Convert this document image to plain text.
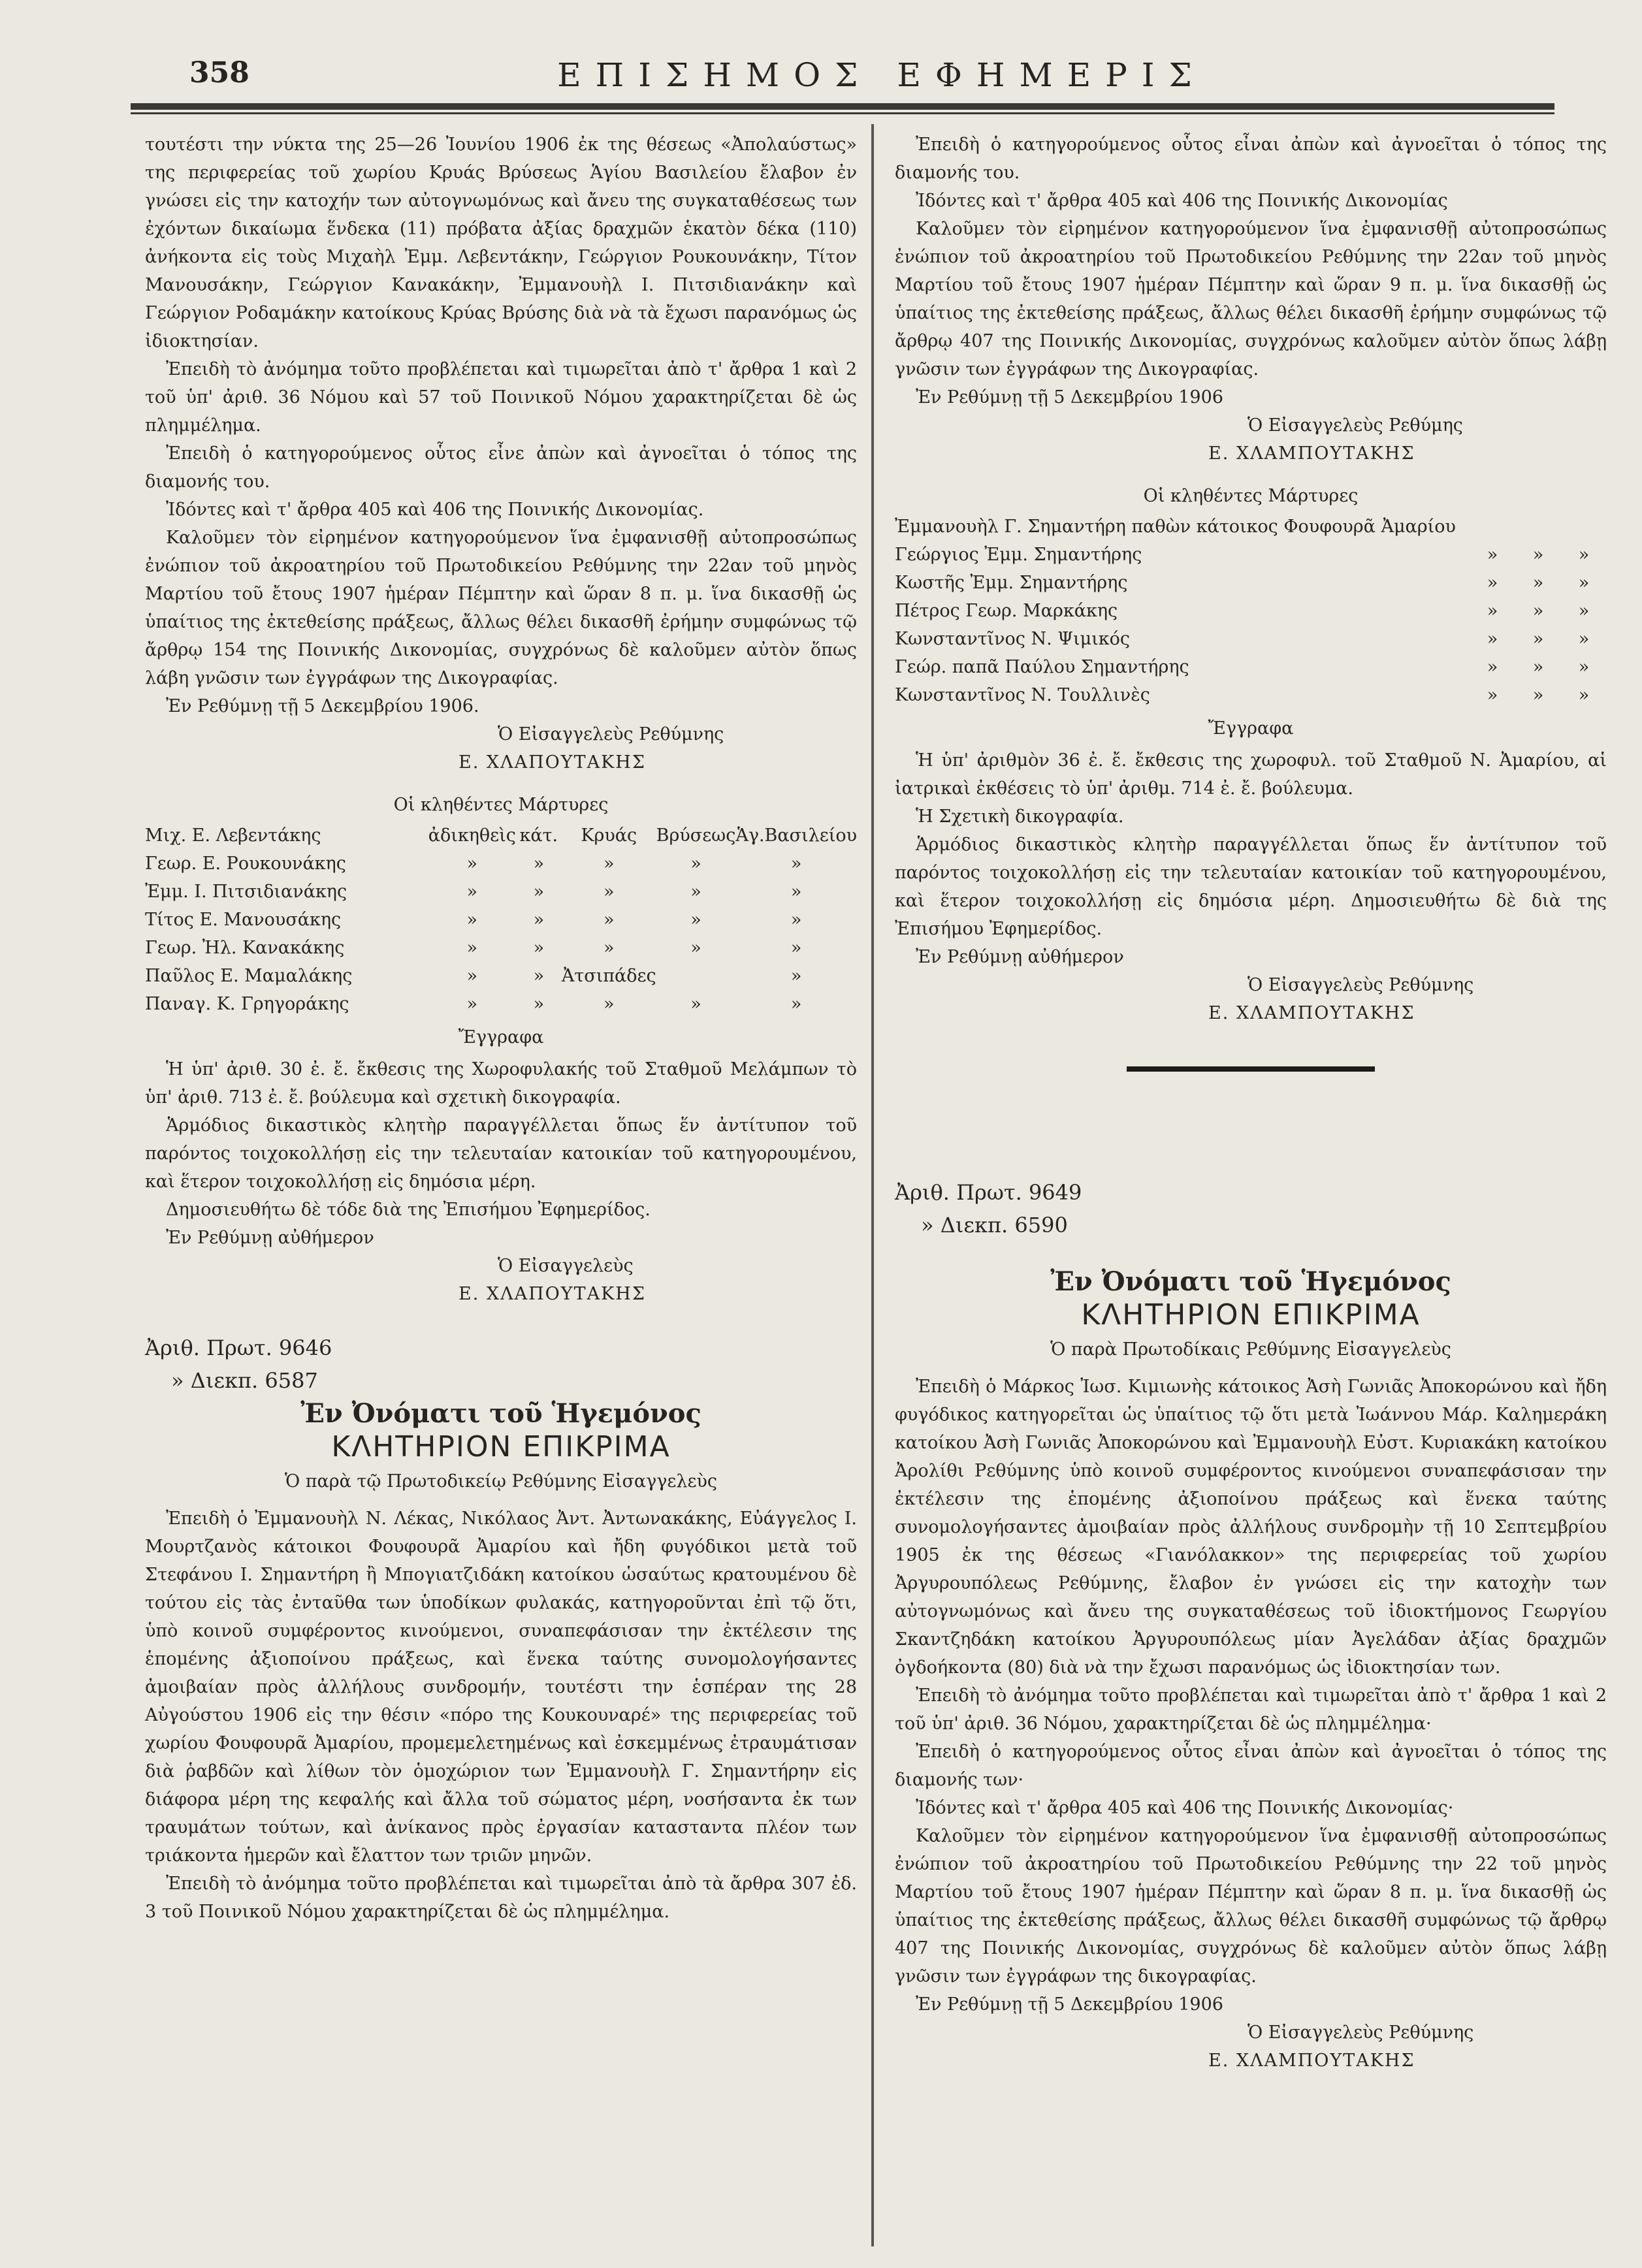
358	ΕΠΙΣΗΜΟΣ ΕΦΗΜΕΡΙΣ

τουτέστι την νύκτα της 25—26 Ἰουνίου 1906 ἐκ της θέσεως «Ἀπολαύστως» της περιφερείας τοῦ χωρίου Κρυάς Βρύσεως Ἁγίου Βασιλείου ἔλαβον ἐν γνώσει εἰς την κατοχήν των αὐτογνωμόνως καὶ ἄνευ της συγκαταθέσεως των ἐχόντων δικαίωμα ἕνδεκα (11) πρόβατα ἀξίας δραχμῶν ἑκατὸν δέκα (110) ἀνήκοντα εἰς τοὺς Μιχαὴλ Ἐμμ. Λεβεντάκην, Γεώργιον Ρουκουνάκην, Τίτον Μανουσάκην, Γεώργιον Κανακάκην, Ἐμμανουὴλ Ι. Πιτσιδιανάκην καὶ Γεώργιον Ροδαμάκην κατοίκους Κρύας Βρύσης διὰ νὰ τὰ ἔχωσι παρανόμως ὡς ἰδιοκτησίαν.

Ἐπειδὴ τὸ ἀνόμημα τοῦτο προβλέπεται καὶ τιμωρεῖται ἀπὸ τ' ἄρθρα 1 καὶ 2 τοῦ ὑπ' ἀριθ. 36 Νόμου καὶ 57 τοῦ Ποινικοῦ Νόμου χαρακτηρίζεται δὲ ὡς πλημμέλημα.

Ἐπειδὴ ὁ κατηγορούμενος οὗτος εἶνε ἀπὼν καὶ ἀγνοεῖται ὁ τόπος της διαμονής του.

Ἰδόντες καὶ τ' ἄρθρα 405 καὶ 406 της Ποινικής Δικονομίας.

Καλοῦμεν τὸν εἰρημένον κατηγορούμενον ἵνα ἐμφανισθῇ αὐτοπροσώπως ἐνώπιον τοῦ ἀκροατηρίου τοῦ Πρωτοδικείου Ρεθύμνης την 22αν τοῦ μηνὸς Μαρτίου τοῦ ἔτους 1907 ἡμέραν Πέμπτην καὶ ὥραν 8 π. μ. ἵνα δικασθῇ ὡς ὑπαίτιος της ἐκτεθείσης πράξεως, ἄλλως θέλει δικασθῆ ἐρήμην συμφώνως τῷ ἄρθρῳ 154 της Ποινικής Δικονομίας, συγχρόνως δὲ καλοῦμεν αὐτὸν ὅπως λάβη γνῶσιν των ἐγγράφων της Δικογραφίας.

Ἐν Ρεθύμνῃ τῇ 5 Δεκεμβρίου 1906.

Ὁ Εἰσαγγελεὺς Ρεθύμνης
Ε. ΧΛΑΠΟΥΤΑΚΗΣ
Οἱ κληθέντες Μάρτυρες
Μιχ. Ε. Λεβεντάκης	ἀδικηθεὶς	κάτ.	Κρυάς	Βρύσεως	Ἁγ.Βασιλείου
Γεωρ. Ε. Ρουκουνάκης	»	»	»	»	»
Ἐμμ. Ι. Πιτσιδιανάκης	»	»	»	»	»
Τίτος Ε. Μανουσάκης	»	»	»	»	»
Γεωρ. Ἠλ. Κανακάκης	»	»	»	»	»
Παῦλος Ε. Μαμαλάκης	»	»	Ἀτσιπάδες		»
Παναγ. Κ. Γρηγοράκης	»	»	»	»	»
Ἔγγραφα

Ἡ ὑπ' ἀριθ. 30 ἐ. ἔ. ἔκθεσις της Χωροφυλακής τοῦ Σταθμοῦ Μελάμπων τὸ ὑπ' ἀριθ. 713 ἐ. ἔ. βούλευμα καὶ σχετικὴ δικογραφία.

Ἁρμόδιος δικαστικὸς κλητὴρ παραγγέλλεται ὅπως ἕν ἀντίτυπον τοῦ παρόντος τοιχοκολλήσῃ εἰς την τελευταίαν κατοικίαν τοῦ κατηγορουμένου, καὶ ἕτερον τοιχοκολλήσῃ εἰς δημόσια μέρη.

Δημοσιευθήτω δὲ τόδε διὰ της Ἐπισήμου Ἐφημερίδος.

Ἐν Ρεθύμνῃ αὐθήμερον

Ὁ Εἰσαγγελεὺς
Ε. ΧΛΑΠΟΥΤΑΚΗΣ
Ἀριθ. Πρωτ. 9646
» Διεκπ. 6587
Ἐν Ὀνόματι τοῦ Ἡγεμόνος
ΚΛΗΤΗΡΙΟΝ ΕΠΙΚΡΙΜΑ
Ὁ παρὰ τῷ Πρωτοδικείῳ Ρεθύμνης Εἰσαγγελεὺς

Ἐπειδὴ ὁ Ἐμμανουὴλ Ν. Λέκας, Νικόλαος Ἀντ. Ἀντωνακάκης, Εὐάγγελος Ι. Μουρτζανὸς κάτοικοι Φουφουρᾶ Ἀμαρίου καὶ ἤδη φυγόδικοι μετὰ τοῦ Στεφάνου Ι. Σημαντήρη ἢ Μπογιατζιδάκη κατοίκου ὡσαύτως κρατουμένου δὲ τούτου εἰς τὰς ἐνταῦθα των ὑποδίκων φυλακάς, κατηγοροῦνται ἐπὶ τῷ ὅτι, ὑπὸ κοινοῦ συμφέροντος κινούμενοι, συναπεφάσισαν την ἐκτέλεσιν της ἑπομένης ἀξιοποίνου πράξεως, καὶ ἕνεκα ταύτης συνομολογήσαντες ἀμοιβαίαν πρὸς ἀλλήλους συνδρομήν, τουτέστι την ἑσπέραν της 28 Αὐγούστου 1906 εἰς την θέσιν «πόρο της Κουκουναρέ» της περιφερείας τοῦ χωρίου Φουφουρᾶ Ἀμαρίου, προμεμελετημένως καὶ ἐσκεμμένως ἐτραυμάτισαν διὰ ῥαβδῶν καὶ λίθων τὸν ὁμοχώριον των Ἐμμανουὴλ Γ. Σημαντήρην εἰς διάφορα μέρη της κεφαλής καὶ ἄλλα τοῦ σώματος μέρη, νοσήσαντα ἐκ των τραυμάτων τούτων, καὶ ἀνίκανος πρὸς ἐργασίαν κατασταντα πλέον των τριάκοντα ἡμερῶν καὶ ἔλαττον των τριῶν μηνῶν.

Ἐπειδὴ τὸ ἀνόμημα τοῦτο προβλέπεται καὶ τιμωρεῖται ἀπὸ τὰ ἄρθρα 307 ἐδ. 3 τοῦ Ποινικοῦ Νόμου χαρακτηρίζεται δὲ ὡς πλημμέλημα.

Ἐπειδὴ ὁ κατηγορούμενος οὗτος εἶναι ἀπὼν καὶ ἀγνοεῖται ὁ τόπος της διαμονής του.

Ἰδόντες καὶ τ' ἄρθρα 405 καὶ 406 της Ποινικής Δικονομίας

Καλοῦμεν τὸν εἰρημένον κατηγορούμενον ἵνα ἐμφανισθῇ αὐτοπροσώπως ἐνώπιον τοῦ ἀκροατηρίου τοῦ Πρωτοδικείου Ρεθύμνης την 22αν τοῦ μηνὸς Μαρτίου τοῦ ἔτους 1907 ἡμέραν Πέμπτην καὶ ὥραν 9 π. μ. ἵνα δικασθῇ ὡς ὑπαίτιος της ἐκτεθείσης πράξεως, ἄλλως θέλει δικασθῆ ἐρήμην συμφώνως τῷ ἄρθρῳ 407 της Ποινικής Δικονομίας, συγχρόνως καλοῦμεν αὐτὸν ὅπως λάβῃ γνῶσιν των ἐγγράφων της Δικογραφίας.

Ἐν Ρεθύμνῃ τῇ 5 Δεκεμβρίου 1906

Ὁ Εἰσαγγελεὺς Ρεθύμης
Ε. ΧΛΑΜΠΟΥΤΑΚΗΣ
Οἱ κληθέντες Μάρτυρες
Ἐμμανουὴλ Γ. Σημαντήρη παθὼν κάτοικος Φουφουρᾶ Ἀμαρίου			
Γεώργιος Ἐμμ. Σημαντήρης	»	»	»
Κωστῆς Ἐμμ. Σημαντήρης	»	»	»
Πέτρος Γεωρ. Μαρκάκης	»	»	»
Κωνσταντῖνος Ν. Ψιμικός	»	»	»
Γεώρ. παπᾶ Παύλου Σημαντήρης	»	»	»
Κωνσταντῖνος Ν. Τουλλινὲς	»	»	»
Ἔγγραφα

Ἡ ὑπ' ἀριθμὸν 36 ἐ. ἔ. ἔκθεσις της χωροφυλ. τοῦ Σταθμοῦ Ν. Ἀμαρίου, αἱ ἰατρικαὶ ἐκθέσεις τὸ ὑπ' ἀριθμ. 714 ἐ. ἔ. βούλευμα.

Ἡ Σχετικὴ δικογραφία.

Ἁρμόδιος δικαστικὸς κλητὴρ παραγγέλλεται ὅπως ἕν ἀντίτυπον τοῦ παρόντος τοιχοκολλήσῃ εἰς την τελευταίαν κατοικίαν τοῦ κατηγορουμένου, καὶ ἕτερον τοιχοκολλήσῃ εἰς δημόσια μέρη. Δημοσιευθήτω δὲ διὰ της Ἐπισήμου Ἐφημερίδος.

Ἐν Ρεθύμνῃ αὐθήμερον

Ὁ Εἰσαγγελεὺς Ρεθύμνης
Ε. ΧΛΑΜΠΟΥΤΑΚΗΣ
Ἀριθ. Πρωτ. 9649
» Διεκπ. 6590
Ἐν Ὀνόματι τοῦ Ἡγεμόνος
ΚΛΗΤΗΡΙΟΝ ΕΠΙΚΡΙΜΑ
Ὁ παρὰ Πρωτοδίκαις Ρεθύμνης Εἰσαγγελεὺς

Ἐπειδὴ ὁ Μάρκος Ἰωσ. Κιμιωνὴς κάτοικος Ἀσὴ Γωνιᾶς Ἀποκορώνου καὶ ἤδη φυγόδικος κατηγορεῖται ὡς ὑπαίτιος τῷ ὅτι μετὰ Ἰωάννου Μάρ. Καλημεράκη κατοίκου Ἀσὴ Γωνιᾶς Ἀποκορώνου καὶ Ἐμμανουὴλ Εὐστ. Κυριακάκη κατοίκου Ἀρολίθι Ρεθύμνης ὑπὸ κοινοῦ συμφέροντος κινούμενοι συναπεφάσισαν την ἐκτέλεσιν της ἑπομένης ἀξιοποίνου πράξεως καὶ ἕνεκα ταύτης συνομολογήσαντες ἀμοιβαίαν πρὸς ἀλλήλους συνδρομὴν τῇ 10 Σεπτεμβρίου 1905 ἐκ της θέσεως «Γιανόλακκον» της περιφερείας τοῦ χωρίου Ἀργυρουπόλεως Ρεθύμνης, ἔλαβον ἐν γνώσει εἰς την κατοχὴν των αὐτογνωμόνως καὶ ἄνευ της συγκαταθέσεως τοῦ ἰδιοκτήμονος Γεωργίου Σκαντζηδάκη κατοίκου Ἀργυρουπόλεως μίαν Ἀγελάδαν ἀξίας δραχμῶν ὀγδοήκοντα (80) διὰ νὰ την ἔχωσι παρανόμως ὡς ἰδιοκτησίαν των.

Ἐπειδὴ τὸ ἀνόμημα τοῦτο προβλέπεται καὶ τιμωρεῖται ἀπὸ τ' ἄρθρα 1 καὶ 2 τοῦ ὑπ' ἀριθ. 36 Νόμου, χαρακτηρίζεται δὲ ὡς πλημμέλημα·

Ἐπειδὴ ὁ κατηγορούμενος οὗτος εἶναι ἀπὼν καὶ ἀγνοεῖται ὁ τόπος της διαμονής των·

Ἰδόντες καὶ τ' ἄρθρα 405 καὶ 406 της Ποινικής Δικονομίας·

Καλοῦμεν τὸν εἰρημένον κατηγορούμενον ἵνα ἐμφανισθῇ αὐτοπροσώπως ἐνώπιον τοῦ ἀκροατηρίου τοῦ Πρωτοδικείου Ρεθύμνης την 22 τοῦ μηνὸς Μαρτίου τοῦ ἔτους 1907 ἡμέραν Πέμπτην καὶ ὥραν 8 π. μ. ἵνα δικασθῇ ὡς ὑπαίτιος της ἐκτεθείσης πράξεως, ἄλλως θέλει δικασθῆ συμφώνως τῷ ἄρθρῳ 407 της Ποινικής Δικονομίας, συγχρόνως δὲ καλοῦμεν αὐτὸν ὅπως λάβῃ γνῶσιν των ἐγγράφων της δικογραφίας.

Ἐν Ρεθύμνῃ τῇ 5 Δεκεμβρίου 1906

Ὁ Εἰσαγγελεὺς Ρεθύμνης
Ε. ΧΛΑΜΠΟΥΤΑΚΗΣ
